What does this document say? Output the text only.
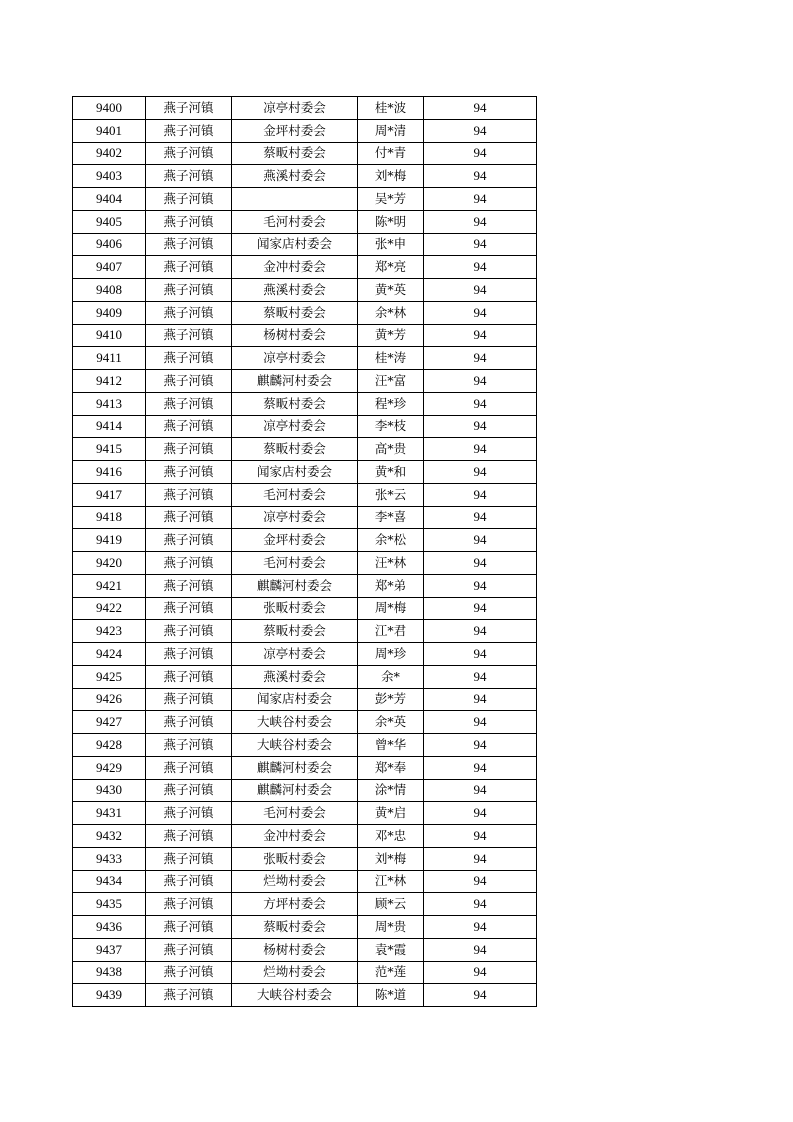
9400	燕子河镇	凉亭村委会	桂*波	94
9401	燕子河镇	金坪村委会	周*清	94
9402	燕子河镇	蔡畈村委会	付*青	94
9403	燕子河镇	燕溪村委会	刘*梅	94
9404	燕子河镇		吴*芳	94
9405	燕子河镇	毛河村委会	陈*明	94
9406	燕子河镇	闻家店村委会	张*申	94
9407	燕子河镇	金冲村委会	郑*亮	94
9408	燕子河镇	燕溪村委会	黄*英	94
9409	燕子河镇	蔡畈村委会	余*林	94
9410	燕子河镇	杨树村委会	黄*芳	94
9411	燕子河镇	凉亭村委会	桂*涛	94
9412	燕子河镇	麒麟河村委会	汪*富	94
9413	燕子河镇	蔡畈村委会	程*珍	94
9414	燕子河镇	凉亭村委会	李*枝	94
9415	燕子河镇	蔡畈村委会	高*贵	94
9416	燕子河镇	闻家店村委会	黄*和	94
9417	燕子河镇	毛河村委会	张*云	94
9418	燕子河镇	凉亭村委会	李*喜	94
9419	燕子河镇	金坪村委会	余*松	94
9420	燕子河镇	毛河村委会	汪*林	94
9421	燕子河镇	麒麟河村委会	郑*弟	94
9422	燕子河镇	张畈村委会	周*梅	94
9423	燕子河镇	蔡畈村委会	江*君	94
9424	燕子河镇	凉亭村委会	周*珍	94
9425	燕子河镇	燕溪村委会	余*	94
9426	燕子河镇	闻家店村委会	彭*芳	94
9427	燕子河镇	大峡谷村委会	余*英	94
9428	燕子河镇	大峡谷村委会	曾*华	94
9429	燕子河镇	麒麟河村委会	郑*奉	94
9430	燕子河镇	麒麟河村委会	涂*情	94
9431	燕子河镇	毛河村委会	黄*启	94
9432	燕子河镇	金冲村委会	邓*忠	94
9433	燕子河镇	张畈村委会	刘*梅	94
9434	燕子河镇	烂坳村委会	江*林	94
9435	燕子河镇	方坪村委会	顾*云	94
9436	燕子河镇	蔡畈村委会	周*贵	94
9437	燕子河镇	杨树村委会	袁*霞	94
9438	燕子河镇	烂坳村委会	范*莲	94
9439	燕子河镇	大峡谷村委会	陈*道	94
